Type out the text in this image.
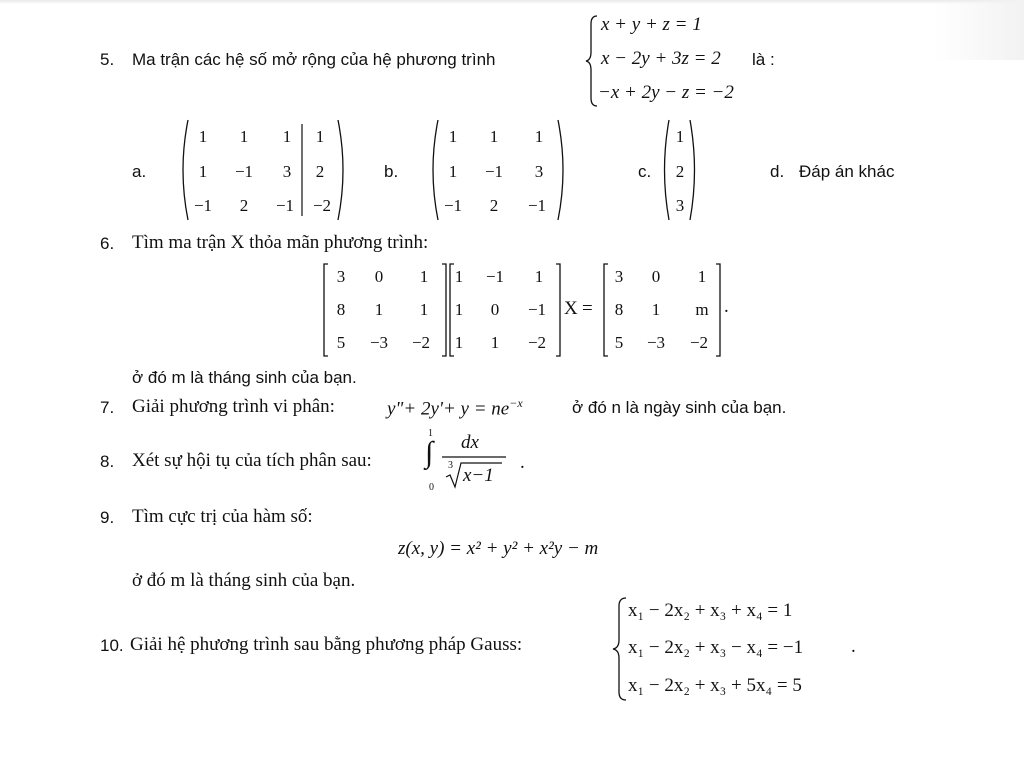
5. Ma trận các hệ số mở rộng của hệ phương trình
x + y + z = 1
x − 2y + 3z = 2
−x + 2y − z = −2
là :
a.
1	1	1	1
1	−1	3	2
−1	2	−1	−2
b.
1	1	1
1	−1	3
−1	2	−1
c.
1
2
3
d. Đáp án khác
6. Tìm ma trận X thỏa mãn phương trình:
3	0	1
8	1	1
5	−3	−2
1	−1	1
1	0	−1
1	1	−2
X =
3	0	1
8	1	m
5	−3	−2
.
ở đó m là tháng sinh của bạn.
7. Giải phương trình vi phân:	y"+ $2y'+ y = ne^{-x}$	ở đó n là ngày sinh của bạn.
8. Xét sự hội tụ của tích phân sau:
1
∫
0
dx
3 x−1
.
9. Tìm cực trị của hàm số:
z(x, y) = x² + y² + x²y − m
ở đó m là tháng sinh của bạn.
10. Giải hệ phương trình sau bằng phương pháp Gauss:
x₁ − 2x₂ + x₃ + x₄ = 1
x₁ − 2x₂ + x₃ − x₄ = −1
x₁ − 2x₂ + x₃ + 5x₄ = 5
.
